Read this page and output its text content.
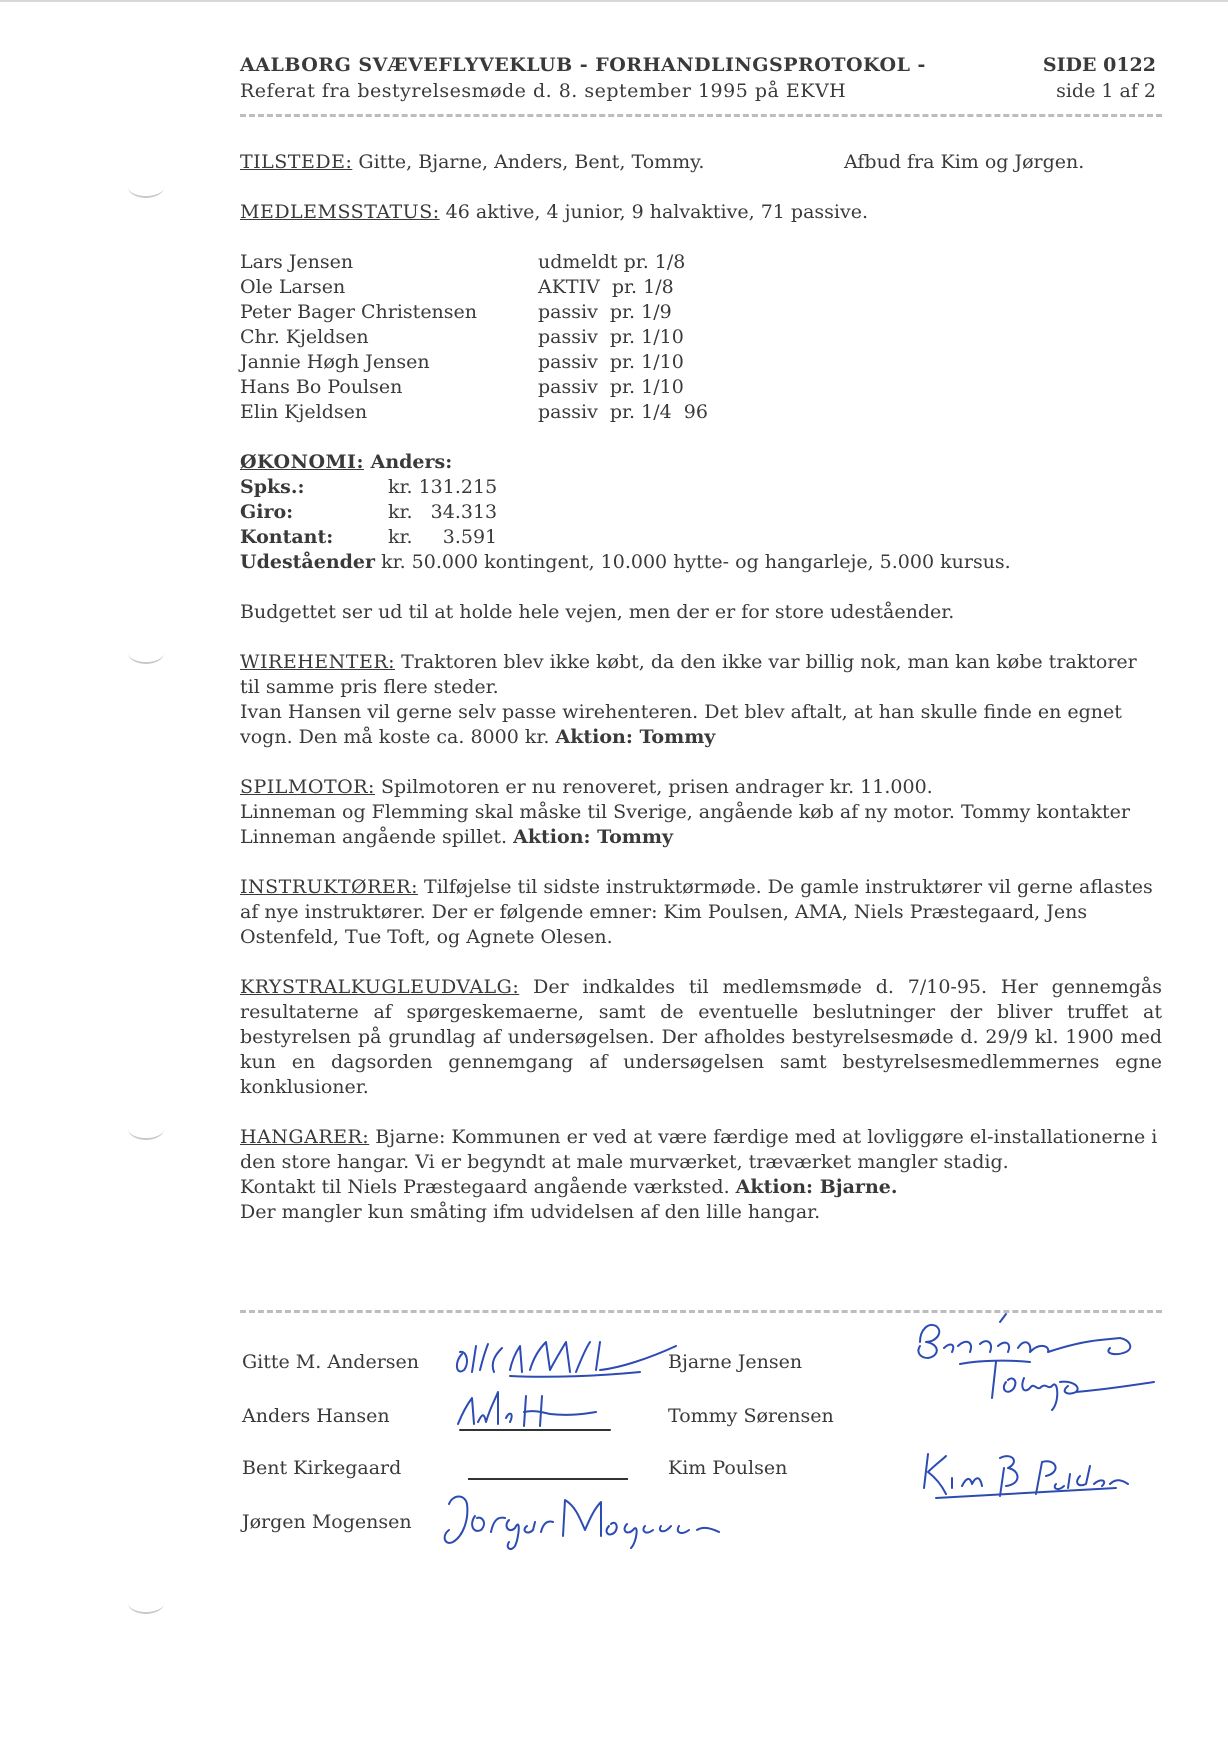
AALBORG SVÆVEFLYVEKLUB - FORHANDLINGSPROTOKOL -
Referat fra bestyrelsesmøde d. 8. september 1995 på EKVH
SIDE 0122
side 1 af 2
TILSTEDE: Gitte, Bjarne, Anders, Bent, Tommy.	Afbud fra Kim og Jørgen.
MEDLEMSSTATUS: 46 aktive, 4 junior, 9 halvaktive, 71 passive.
Lars Jensen	udmeldt pr. 1/8
Ole Larsen	AKTIV  pr. 1/8
Peter Bager Christensen	passiv  pr. 1/9
Chr. Kjeldsen	passiv  pr. 1/10
Jannie Høgh Jensen	passiv  pr. 1/10
Hans Bo Poulsen	passiv  pr. 1/10
Elin Kjeldsen	passiv  pr. 1/4  96
ØKONOMI: Anders:
Spks.:	kr. 131.215
Giro:	kr.   34.313
Kontant:	kr.     3.591
Udeståender kr. 50.000 kontingent, 10.000 hytte- og hangarleje, 5.000 kursus.
Budgettet ser ud til at holde hele vejen, men der er for store udeståender.
WIREHENTER: Traktoren blev ikke købt, da den ikke var billig nok, man kan købe traktorer til samme pris flere steder.
Ivan Hansen vil gerne selv passe wirehenteren. Det blev aftalt, at han skulle finde en egnet vogn. Den må koste ca. 8000 kr. Aktion: Tommy
SPILMOTOR: Spilmotoren er nu renoveret, prisen andrager kr. 11.000.
Linneman og Flemming skal måske til Sverige, angående køb af ny motor. Tommy kontakter Linneman angående spillet. Aktion: Tommy
INSTRUKTØRER: Tilføjelse til sidste instruktørmøde. De gamle instruktører vil gerne aflastes af nye instruktører. Der er følgende emner: Kim Poulsen, AMA, Niels Præstegaard, Jens Ostenfeld, Tue Toft, og Agnete Olesen.
KRYSTRALKUGLEUDVALG: Der indkaldes til medlemsmøde d. 7/10-95. Her gennemgås resultaterne af spørgeskemaerne, samt de eventuelle beslutninger der bliver truffet at bestyrelsen på grundlag af undersøgelsen. Der afholdes bestyrelsesmøde d. 29/9 kl. 1900 med kun en dagsorden gennemgang af undersøgelsen samt bestyrelsesmedlemmernes egne konklusioner.
HANGARER: Bjarne: Kommunen er ved at være færdige med at lovliggøre el-installationerne i den store hangar. Vi er begyndt at male murværket, træværket mangler stadig.
Kontakt til Niels Præstegaard angående værksted. Aktion: Bjarne.
Der mangler kun småting ifm udvidelsen af den lille hangar.
Gitte M. Andersen	Bjarne Jensen
Anders Hansen	Tommy Sørensen
Bent Kirkegaard	Kim Poulsen
Jørgen Mogensen
